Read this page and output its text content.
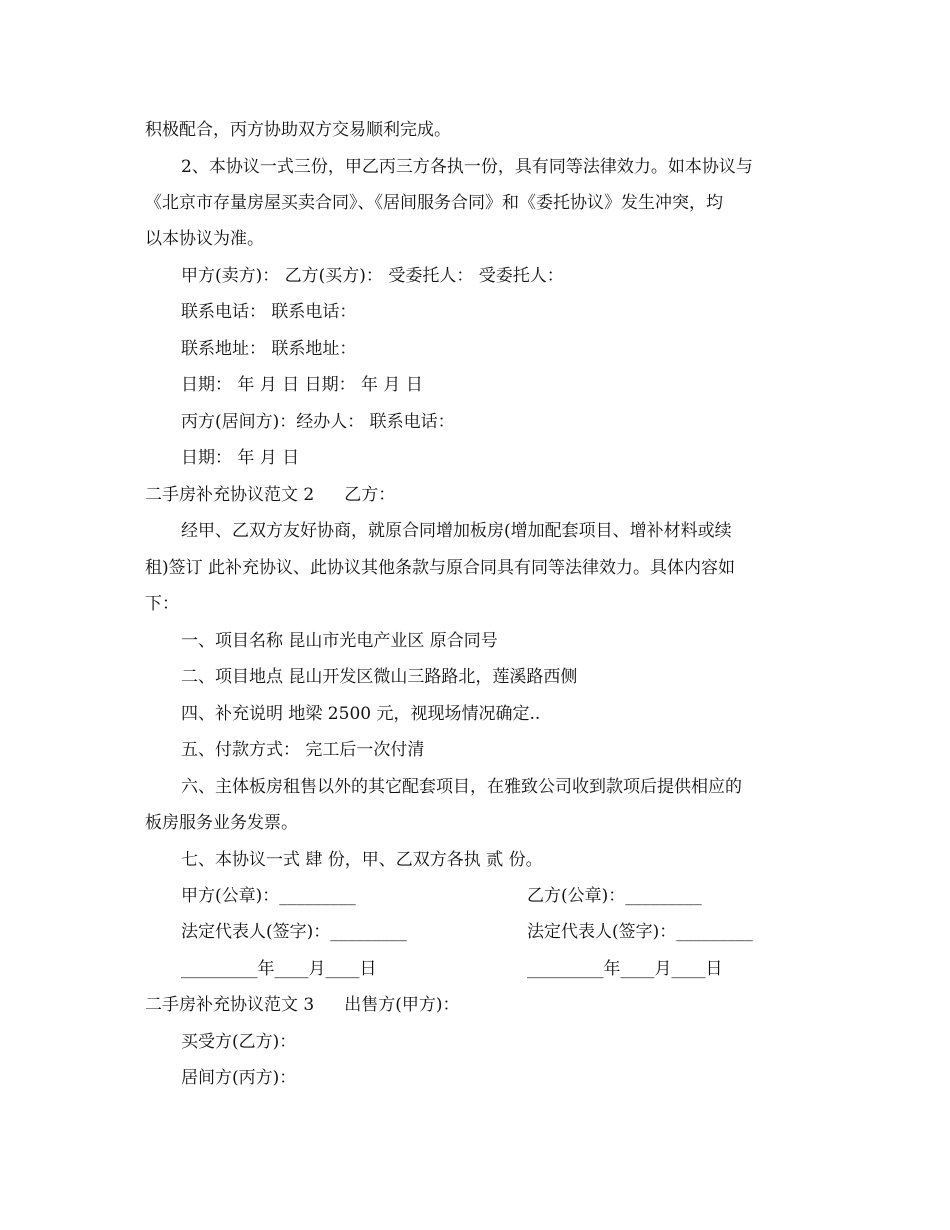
积极配合，丙方协助双方交易顺利完成。
2、本协议一式三份，甲乙丙三方各执一份，具有同等法律效力。如本协议与
《北京市存量房屋买卖合同》、《居间服务合同》和《委托协议》发生冲突，均
以本协议为准。
甲方(卖方)： 乙方(买方)： 受委托人： 受委托人：
联系电话： 联系电话：
联系地址： 联系地址：
日期： 年 月 日 日期： 年 月 日
丙方(居间方)：经办人： 联系电话：
日期： 年 月 日
二手房补充协议范文 2 乙方：
经甲、乙双方友好协商，就原合同增加板房(增加配套项目、增补材料或续
租)签订 此补充协议、此协议其他条款与原合同具有同等法律效力。具体内容如
下：
一、项目名称 昆山市光电产业区 原合同号
二、项目地点 昆山开发区微山三路路北，莲溪路西侧
四、补充说明 地梁 2500 元，视现场情况确定..
五、付款方式： 完工后一次付清
六、主体板房租售以外的其它配套项目，在雅致公司收到款项后提供相应的
板房服务业务发票。
七、本协议一式 肆 份，甲、乙双方各执 贰 份。
甲方(公章)：_________	乙方(公章)：_________
法定代表人(签字)：_________	法定代表人(签字)：_________
_________年____月____日	_________年____月____日
二手房补充协议范文 3 出售方(甲方)：
买受方(乙方)：
居间方(丙方)：
